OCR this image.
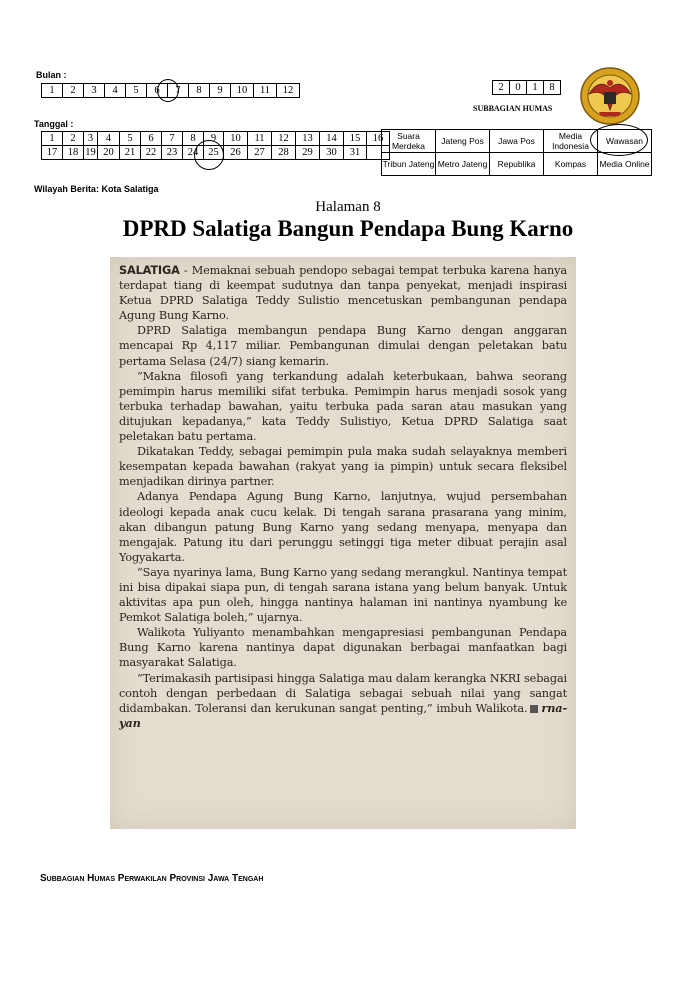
Bulan :
1	2	3	4	5	6	7	8	9	10	11	12	2	0	1	8
SUBBAGIAN HUMAS
Tanggal :
1	2	3	4	5	6	7	8	9	10	11	12	13	14	15	16
17	18	19	20	21	22	23	24	25	26	27	28	29	30	31	
Suara Merdeka	Jateng Pos	Jawa Pos	Media Indonesia	Wawasan
Tribun Jateng	Metro Jateng	Republika	Kompas	Media Online
Wilayah Berita: Kota Salatiga
Halaman 8
DPRD Salatiga Bangun Pendapa Bung Karno

SALATIGA - Memaknai sebuah pendopo sebagai tempat terbuka karena hanya terdapat tiang di keempat sudutnya dan tanpa penyekat, menjadi inspirasi Ketua DPRD Salatiga Teddy Sulistio mencetuskan pembangunan pendapa Agung Bung Karno.

DPRD Salatiga membangun pendapa Bung Karno dengan anggaran mencapai Rp 4,117 miliar. Pembangunan dimulai dengan peletakan batu pertama Selasa (24/7) siang kemarin.

“Makna filosofi yang terkandung adalah keterbukaan, bahwa seorang pemimpin harus memiliki sifat terbuka. Pemimpin harus menjadi sosok yang terbuka terhadap bawahan, yaitu terbuka pada saran atau masukan yang ditujukan kepadanya,” kata Teddy Sulistiyo, Ketua DPRD Salatiga saat peletakan batu pertama.

Dikatakan Teddy, sebagai pemimpin pula maka sudah selayaknya memberi kesempatan kepada bawahan (rakyat yang ia pimpin) untuk secara fleksibel menjadikan dirinya partner.

Adanya Pendapa Agung Bung Karno, lanjutnya, wujud persembahan ideologi kepada anak cucu kelak. Di tengah sarana prasarana yang minim, akan dibangun patung Bung Karno yang sedang menyapa, menyapa dan mengajak. Patung itu dari perunggu setinggi tiga meter dibuat perajin asal Yogyakarta.

“Saya nyarinya lama, Bung Karno yang sedang merangkul. Nantinya tempat ini bisa dipakai siapa pun, di tengah sarana istana yang belum banyak. Untuk aktivitas apa pun oleh, hingga nantinya halaman ini nantinya nyambung ke Pemkot Salatiga boleh,” ujarnya.

Walikota Yuliyanto menambahkan mengapresiasi pembangunan Pendapa Bung Karno karena nantinya dapat digunakan berbagai manfaatkan bagi masyarakat Salatiga.

“Terimakasih partisipasi hingga Salatiga mau dalam kerangka NKRI sebagai contoh dengan perbedaan di Salatiga sebagai sebuah nilai yang sangat didambakan. Toleransi dan kerukunan sangat penting,” imbuh Walikota. rna-yan

Subbagian Humas Perwakilan Provinsi Jawa Tengah
